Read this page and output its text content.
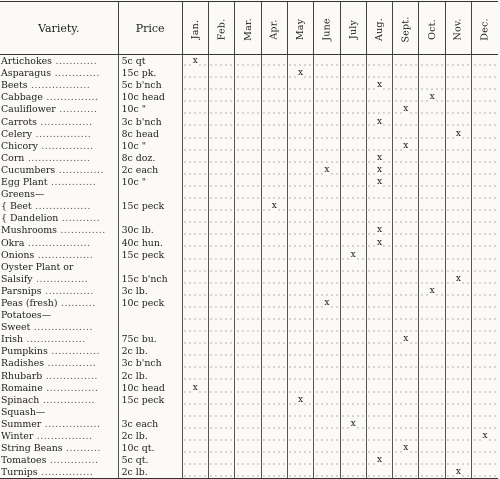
Variety.	Price	Jan.	Feb.	Mar.	Apr.	May	June	July	Aug.	Sept.	Oct.	Nov.	Dec.
Artichokes ............	5c qt	x											
Asparagus .............	15c pk.					x							
Beets .................	5c b'nch								x				
Cabbage ...............	10c head										x		
Cauliflower ...........	10c "									x			
Carrots ...............	3c b'nch								x				
Celery ................	8c head											x	
Chicory ...............	10c "									x			
Corn ..................	8c doz.								x				
Cucumbers .............	2c each						x		x				
Egg Plant .............	10c "								x				
Greens—													
{ Beet ................	15c peck				x								
{ Dandelion ...........													
Mushrooms .............	30c lb.								x				
Okra ..................	40c hun.								x				
Onions ................	15c peck							x					
Oyster Plant or													
Salsify ...............	15c b'nch											x	
Parsnips ..............	3c lb.										x		
Peas (fresh) ..........	10c peck						x						
Potatoes—													
Sweet .................													
Irish .................	75c bu.									x			
Pumpkins ..............	2c lb.												
Radishes ..............	3c b'nch												
Rhubarb ...............	2c lb.												
Romaine ...............	10c head	x											
Spinach ...............	15c peck					x							
Squash—													
Summer ................	3c each							x					
Winter ................	2c lb.												x
String Beans ..........	10c qt.									x			
Tomatoes ..............	5c qt.								x				
Turnips ...............	2c lb.											x	
